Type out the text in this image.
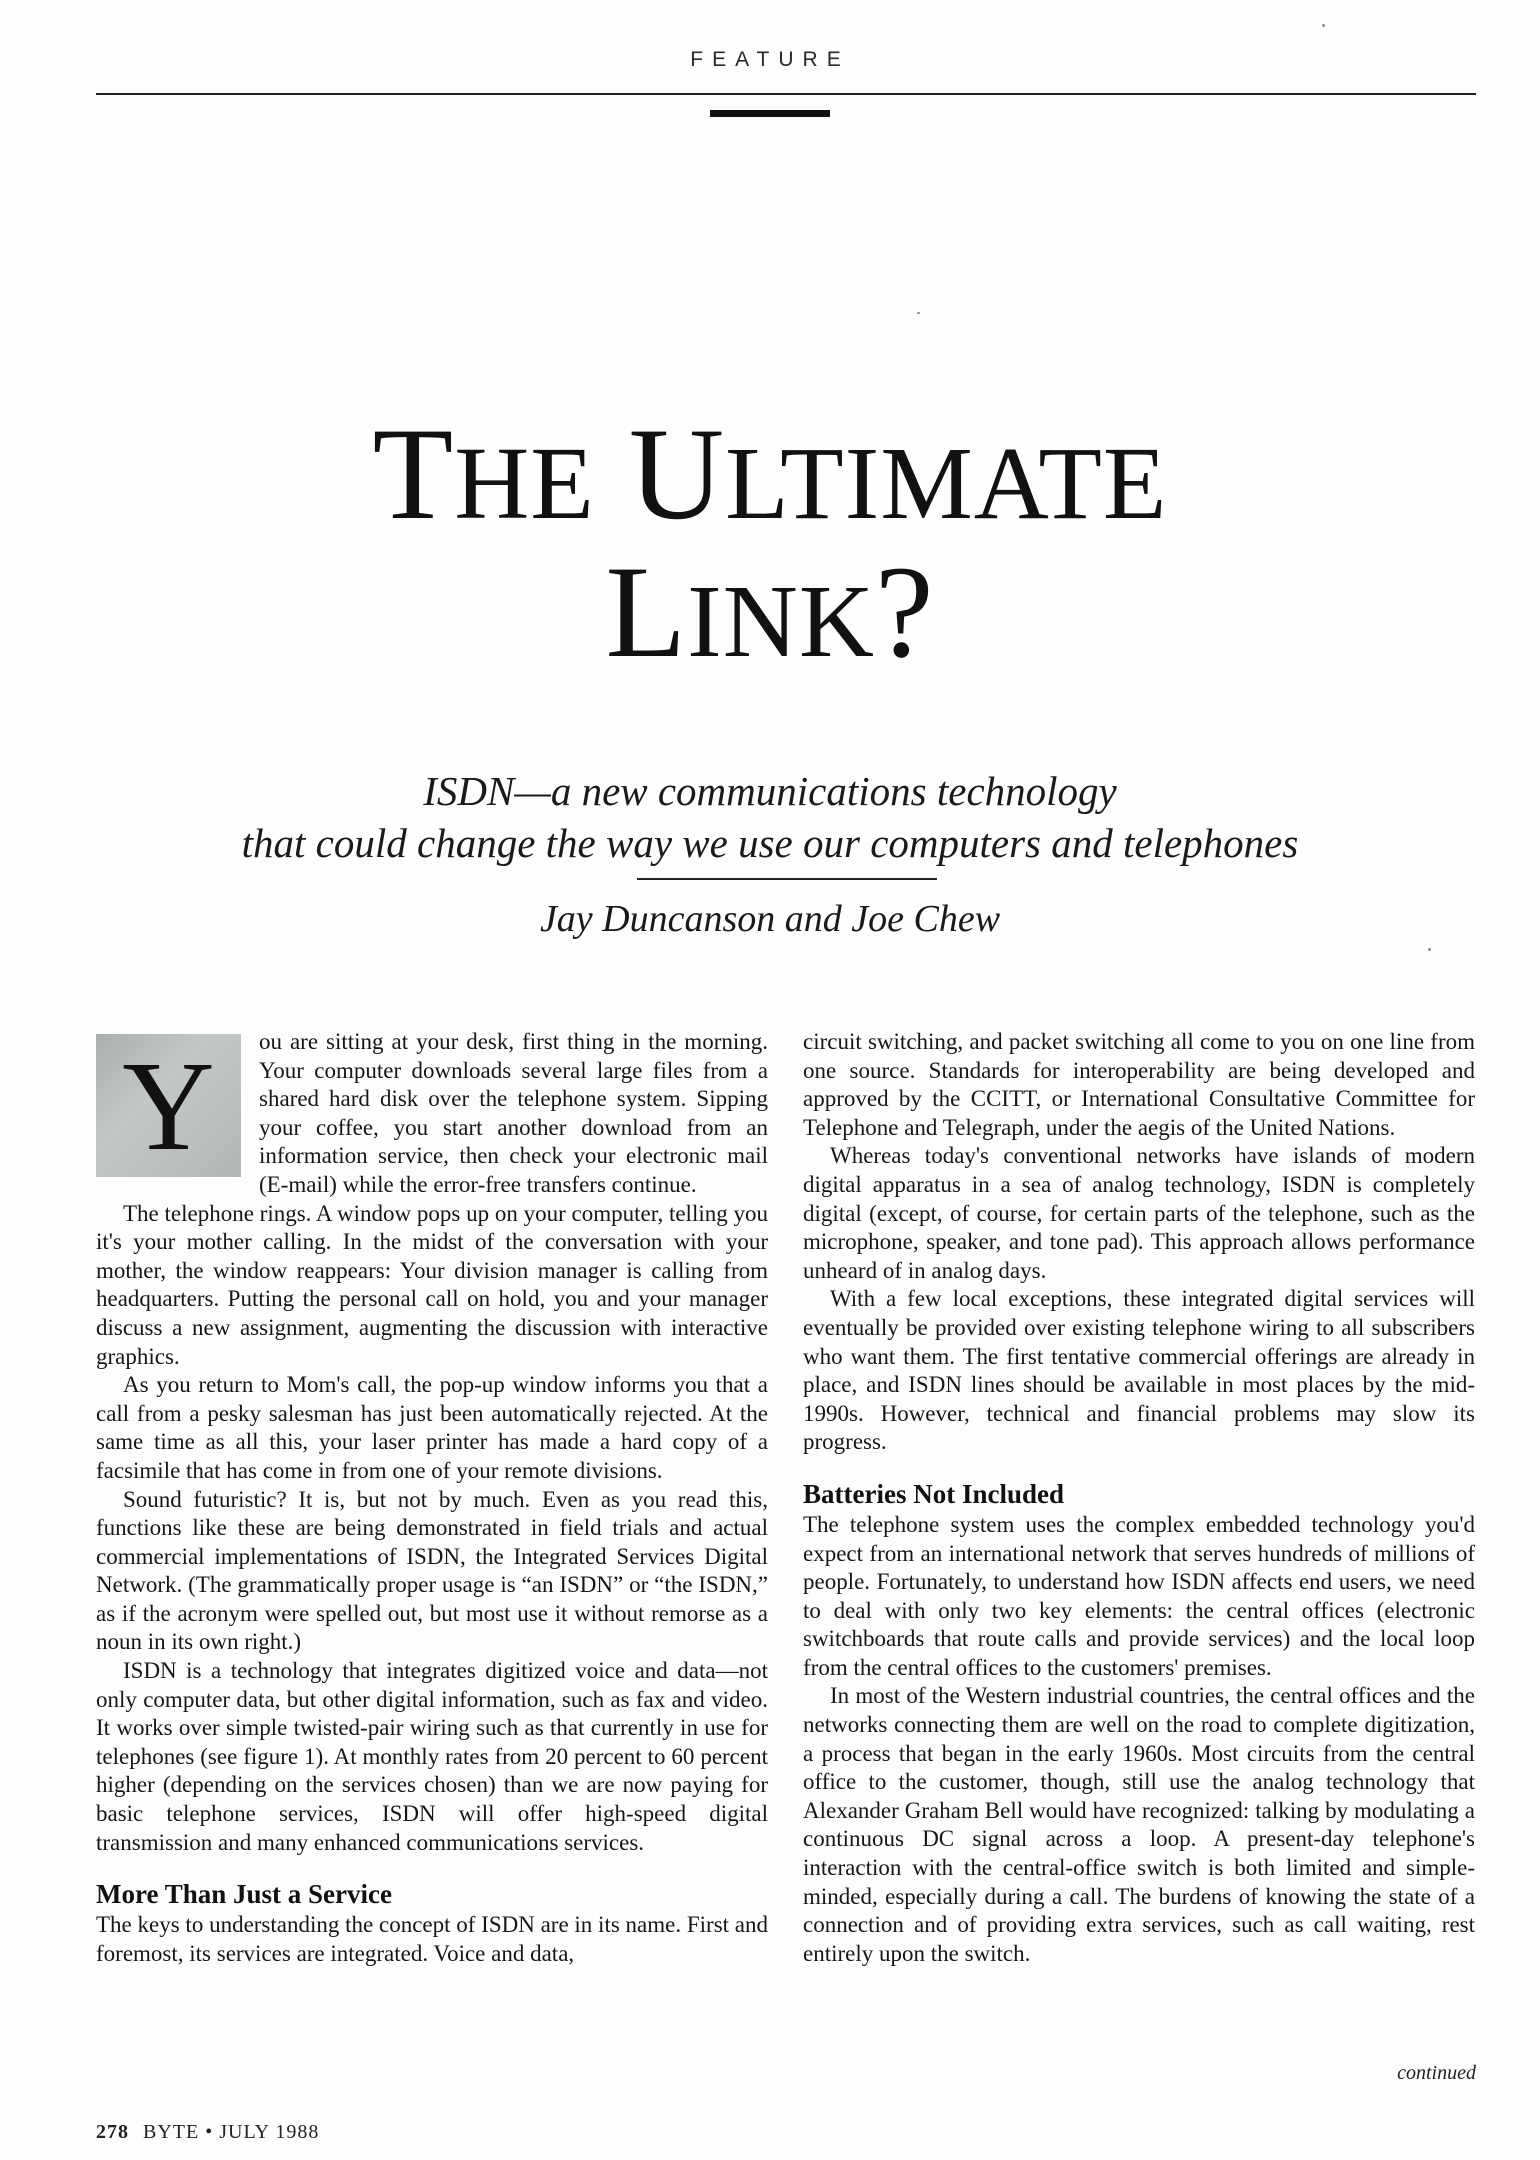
FEATURE
THE ULTIMATE
LINK?
ISDN—a new communications technology
that could change the way we use our computers and telephones
Jay Duncanson and Joe Chew
Y	ou are sitting at your desk, first thing in the morning. Your computer downloads several large files from a shared hard disk over the telephone system. Sipping your coffee, you start another download from an information service, then check your electronic mail (E-mail) while the error-free transfers continue.

The telephone rings. A window pops up on your computer, telling you it's your mother calling. In the midst of the conversation with your mother, the window reappears: Your division manager is calling from headquarters. Putting the personal call on hold, you and your manager discuss a new assignment, augmenting the discussion with interactive graphics.

As you return to Mom's call, the pop-up window informs you that a call from a pesky salesman has just been automatically rejected. At the same time as all this, your laser printer has made a hard copy of a facsimile that has come in from one of your remote divisions.

Sound futuristic? It is, but not by much. Even as you read this, functions like these are being demonstrated in field trials and actual commercial implementations of ISDN, the Integrated Services Digital Network. (The grammatically proper usage is “an ISDN” or “the ISDN,” as if the acronym were spelled out, but most use it without remorse as a noun in its own right.)

ISDN is a technology that integrates digitized voice and data—not only computer data, but other digital information, such as fax and video. It works over simple twisted-pair wiring such as that currently in use for telephones (see figure 1). At monthly rates from 20 percent to 60 percent higher (depending on the services chosen) than we are now paying for basic telephone services, ISDN will offer high-speed digital transmission and many enhanced communications services.

More Than Just a Service

The keys to understanding the concept of ISDN are in its name. First and foremost, its services are integrated. Voice and data,

circuit switching, and packet switching all come to you on one line from one source. Standards for interoperability are being developed and approved by the CCITT, or International Consultative Committee for Telephone and Telegraph, under the aegis of the United Nations.

Whereas today's conventional networks have islands of modern digital apparatus in a sea of analog technology, ISDN is completely digital (except, of course, for certain parts of the telephone, such as the microphone, speaker, and tone pad). This approach allows performance unheard of in analog days.

With a few local exceptions, these integrated digital services will eventually be provided over existing telephone wiring to all subscribers who want them. The first tentative commercial offerings are already in place, and ISDN lines should be available in most places by the mid-1990s. However, technical and financial problems may slow its progress.

Batteries Not Included

The telephone system uses the complex embedded technology you'd expect from an international network that serves hundreds of millions of people. Fortunately, to understand how ISDN affects end users, we need to deal with only two key elements: the central offices (electronic switchboards that route calls and provide services) and the local loop from the central offices to the customers' premises.

In most of the Western industrial countries, the central offices and the networks connecting them are well on the road to complete digitization, a process that began in the early 1960s. Most circuits from the central office to the customer, though, still use the analog technology that Alexander Graham Bell would have recognized: talking by modulating a continuous DC signal across a loop. A present-day telephone's interaction with the central-office switch is both limited and simple-minded, especially during a call. The burdens of knowing the state of a connection and of providing extra services, such as call waiting, rest entirely upon the switch.

continued
278 BYTE • JULY 1988
